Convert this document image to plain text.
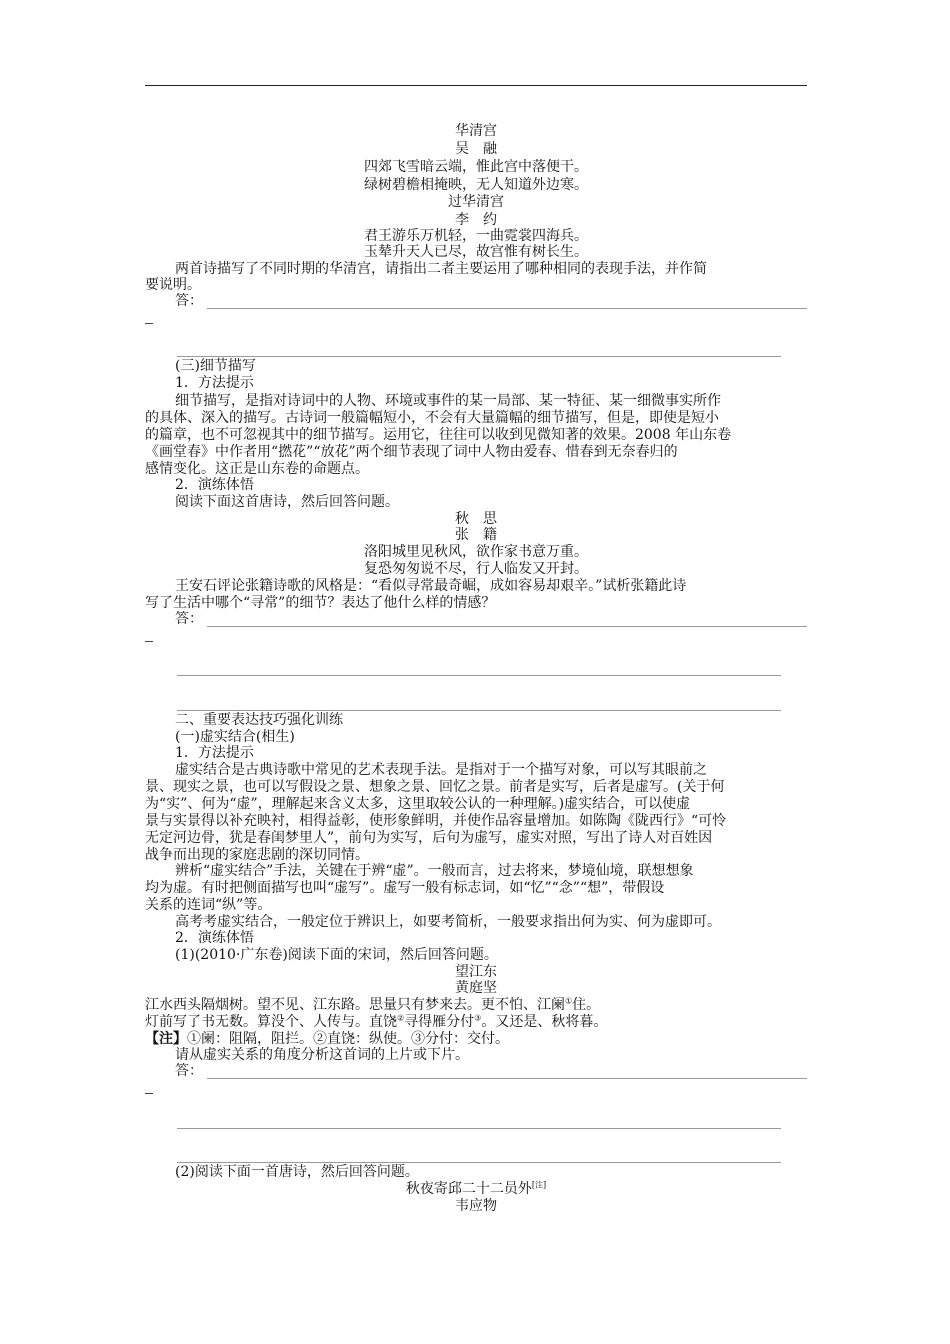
华清宫
吴　融
四郊飞雪暗云端，惟此宫中落便干。
绿树碧檐相掩映，无人知道外边寒。
过华清宫
李　约
君王游乐万机轻，一曲霓裳四海兵。
玉辇升天人已尽，故宫惟有树长生。
两首诗描写了不同时期的华清宫，请指出二者主要运用了哪种相同的表现手法，并作简
要说明。
答：
(三)细节描写
1．方法提示
细节描写，是指对诗词中的人物、环境或事件的某一局部、某一特征、某一细微事实所作
的具体、深入的描写。古诗词一般篇幅短小，不会有大量篇幅的细节描写，但是，即使是短小
的篇章，也不可忽视其中的细节描写。运用它，往往可以收到见微知著的效果。2008 年山东卷
《画堂春》中作者用“撚花”“放花”两个细节表现了词中人物由爱春、惜春到无奈春归的
感情变化。这正是山东卷的命题点。
2．演练体悟
阅读下面这首唐诗，然后回答问题。
秋　思
张　籍
洛阳城里见秋风，欲作家书意万重。
复恐匆匆说不尽，行人临发又开封。
王安石评论张籍诗歌的风格是：“看似寻常最奇崛，成如容易却艰辛。”试析张籍此诗
写了生活中哪个“寻常”的细节？表达了他什么样的情感？
答：
二、重要表达技巧强化训练
(一)虚实结合(相生)
1．方法提示
虚实结合是古典诗歌中常见的艺术表现手法。是指对于一个描写对象，可以写其眼前之
景、现实之景，也可以写假设之景、想象之景、回忆之景。前者是实写，后者是虚写。(关于何
为“实”、何为“虚”，理解起来含义太多，这里取较公认的一种理解。)虚实结合，可以使虚
景与实景得以补充映衬，相得益彰，使形象鲜明，并使作品容量增加。如陈陶《陇西行》“可怜
无定河边骨，犹是春闺梦里人”，前句为实写，后句为虚写，虚实对照，写出了诗人对百姓因
战争而出现的家庭悲剧的深切同情。
辨析“虚实结合”手法，关键在于辨“虚”。一般而言，过去将来，梦境仙境，联想想象
均为虚。有时把侧面描写也叫“虚写”。虚写一般有标志词，如“忆”“念”“想”，带假设
关系的连词“纵”等。
高考考虚实结合，一般定位于辨识上，如要考简析，一般要求指出何为实、何为虚即可。
2．演练体悟
(1)(2010·广东卷)阅读下面的宋词，然后回答问题。
望江东
黄庭坚
江水西头隔烟树。望不见、江东路。思量只有梦来去。更不怕、江阑①住。
灯前写了书无数。算没个、人传与。直饶②寻得雁分付③。又还是、秋将暮。
【注】①阑：阻隔，阻拦。②直饶：纵使。③分付：交付。
请从虚实关系的角度分析这首词的上片或下片。
答：
(2)阅读下面一首唐诗，然后回答问题。
秋夜寄邱二十二员外[注]
韦应物
